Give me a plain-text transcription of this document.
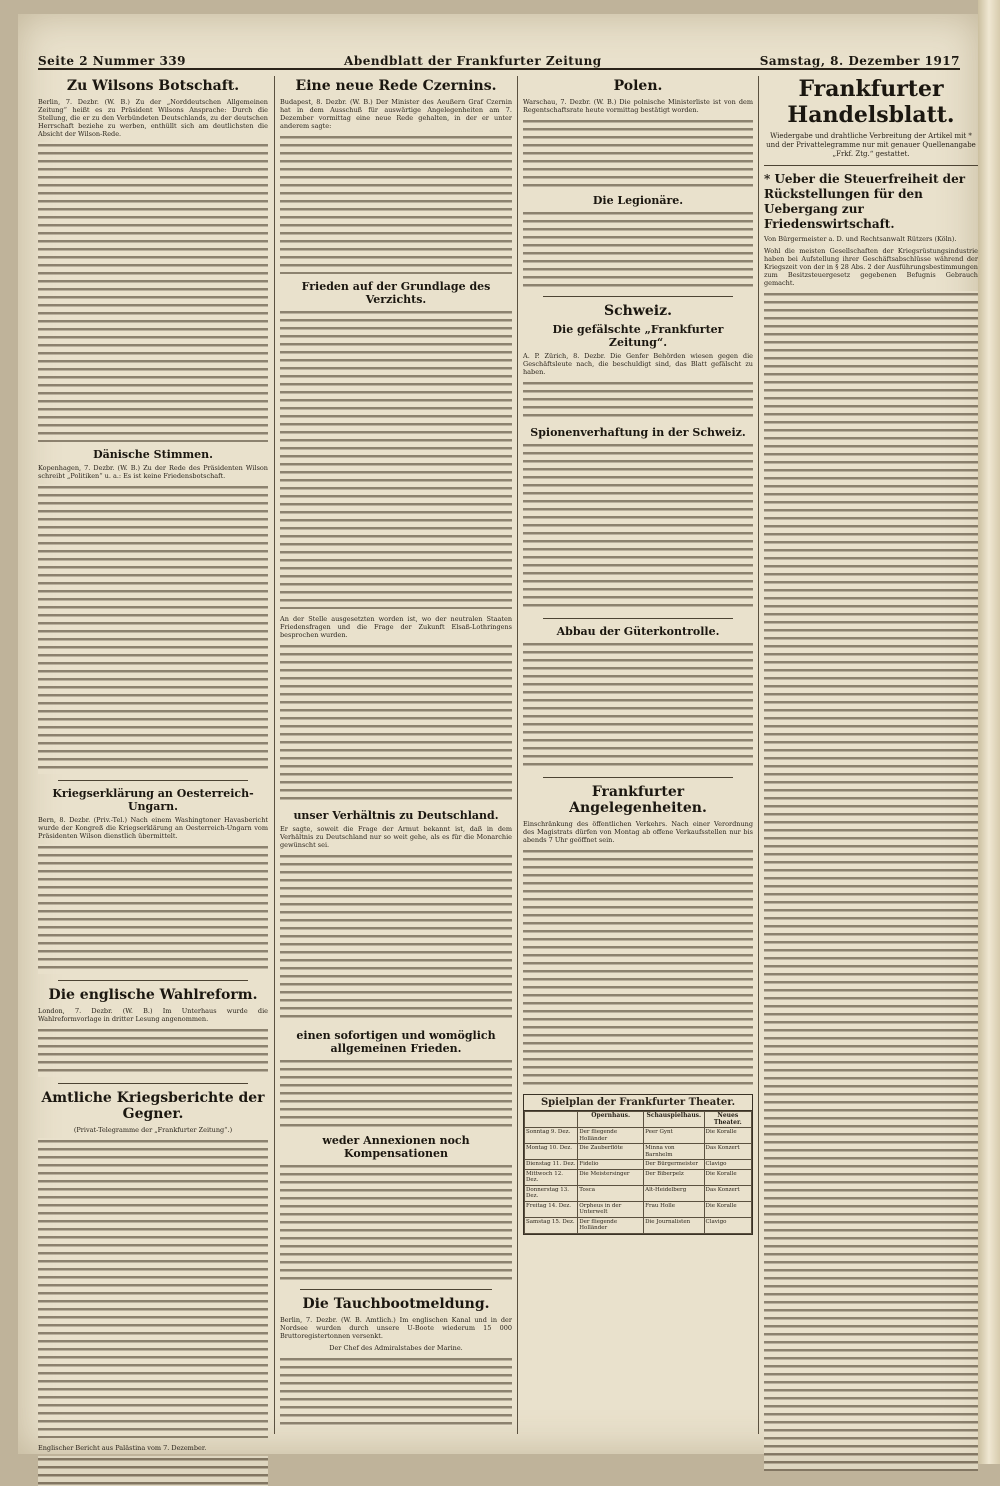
Seite 2 Nummer 339	Abendblatt der Frankfurter Zeitung	Samstag, 8. Dezember 1917
Zu Wilsons Botschaft.

Berlin, 7. Dezbr. (W. B.) Zu der „Norddeutschen Allgemeinen Zeitung“ heißt es zu Präsident Wilsons Ansprache: Durch die Stellung, die er zu den Verbündeten Deutschlands, zu der deutschen Herrschaft beziehe zu werben, enthüllt sich am deutlichsten die Absicht der Wilson-Rede.

Dänische Stimmen.

Kopenhagen, 7. Dezbr. (W. B.) Zu der Rede des Präsidenten Wilson schreibt „Politiken“ u. a.: Es ist keine Friedensbotschaft.

Kriegserklärung an Oesterreich-Ungarn.

Bern, 8. Dezbr. (Priv.-Tel.) Nach einem Washingtoner Havasbericht wurde der Kongreß die Kriegserklärung an Oesterreich-Ungarn vom Präsidenten Wilson dienstlich übermittelt.

Die englische Wahlreform.

London, 7. Dezbr. (W. B.) Im Unterhaus wurde die Wahlreformvorlage in dritter Lesung angenommen.

Amtliche Kriegsberichte der Gegner.

(Privat-Telegramme der „Frankfurter Zeitung“.)

Englischer Bericht aus Palästina vom 7. Dezember.

Eine neue Rede Czernins.

Budapest, 8. Dezbr. (W. B.) Der Minister des Aeußern Graf Czernin hat in dem Ausschuß für auswärtige Angelegenheiten am 7. Dezember vormittag eine neue Rede gehalten, in der er unter anderem sagte:

Frieden auf der Grundlage des Verzichts.

An der Stelle ausgesetzten worden ist, wo der neutralen Staaten Friedensfragen und die Frage der Zukunft Elsaß-Lothringens besprochen wurden.

unser Verhältnis zu Deutschland.

Er sagte, soweit die Frage der Armut bekannt ist, daß in dem Verhältnis zu Deutschland nur so weit gehe, als es für die Monarchie gewünscht sei.

einen sofortigen und womöglich allgemeinen Frieden.
weder Annexionen noch Kompensationen
Die Tauchbootmeldung.

Berlin, 7. Dezbr. (W. B. Amtlich.) Im englischen Kanal und in der Nordsee wurden durch unsere U-Boote wiederum 15 000 Bruttoregistertonnen versenkt.

Der Chef des Admiralstabes der Marine.

Polen.

Warschau, 7. Dezbr. (W. B.) Die polnische Ministerliste ist von dem Regentschaftsrate heute vormittag bestätigt worden.

Die Legionäre.
Schweiz.
Die gefälschte „Frankfurter Zeitung“.

A. P. Zürich, 8. Dezbr. Die Genfer Behörden wiesen gegen die Geschäftsleute nach, die beschuldigt sind, das Blatt gefälscht zu haben.

Spionenverhaftung in der Schweiz.
Abbau der Güterkontrolle.
Frankfurter Angelegenheiten.

Einschränkung des öffentlichen Verkehrs. Nach einer Verordnung des Magistrats dürfen von Montag ab offene Verkaufsstellen nur bis abends 7 Uhr geöffnet sein.

Spielplan der Frankfurter Theater.
	Opernhaus.	Schauspielhaus.	Neues Theater.
Sonntag 9. Dez.	Der fliegende Holländer	Peer Gynt	Die Koralle
Montag 10. Dez.	Die Zauberflöte	Minna von Barnhelm	Das Konzert
Dienstag 11. Dez.	Fidelio	Der Bürgermeister	Clavigo
Mittwoch 12. Dez.	Die Meistersinger	Der Biberpelz	Die Koralle
Donnerstag 13. Dez.	Tosca	Alt-Heidelberg	Das Konzert
Freitag 14. Dez.	Orpheus in der Unterwelt	Frau Holle	Die Koralle
Samstag 15. Dez.	Der fliegende Holländer	Die Journalisten	Clavigo
Frankfurter Handelsblatt.
Wiedergabe und drahtliche Verbreitung der Artikel mit * und der Privattelegramme nur mit genauer Quellenangabe „Frkf. Ztg.“ gestattet.
* Ueber die Steuerfreiheit der Rückstellungen für den Uebergang zur Friedenswirtschaft.

Von Bürgermeister a. D. und Rechtsanwalt Rützers (Köln).

Wohl die meisten Gesellschaften der Kriegsrüstungsindustrie haben bei Aufstellung ihrer Geschäftsabschlüsse während der Kriegszeit von der in § 28 Abs. 2 der Ausführungsbestimmungen zum Besitzsteuergesetz gegebenen Befugnis Gebrauch gemacht.
